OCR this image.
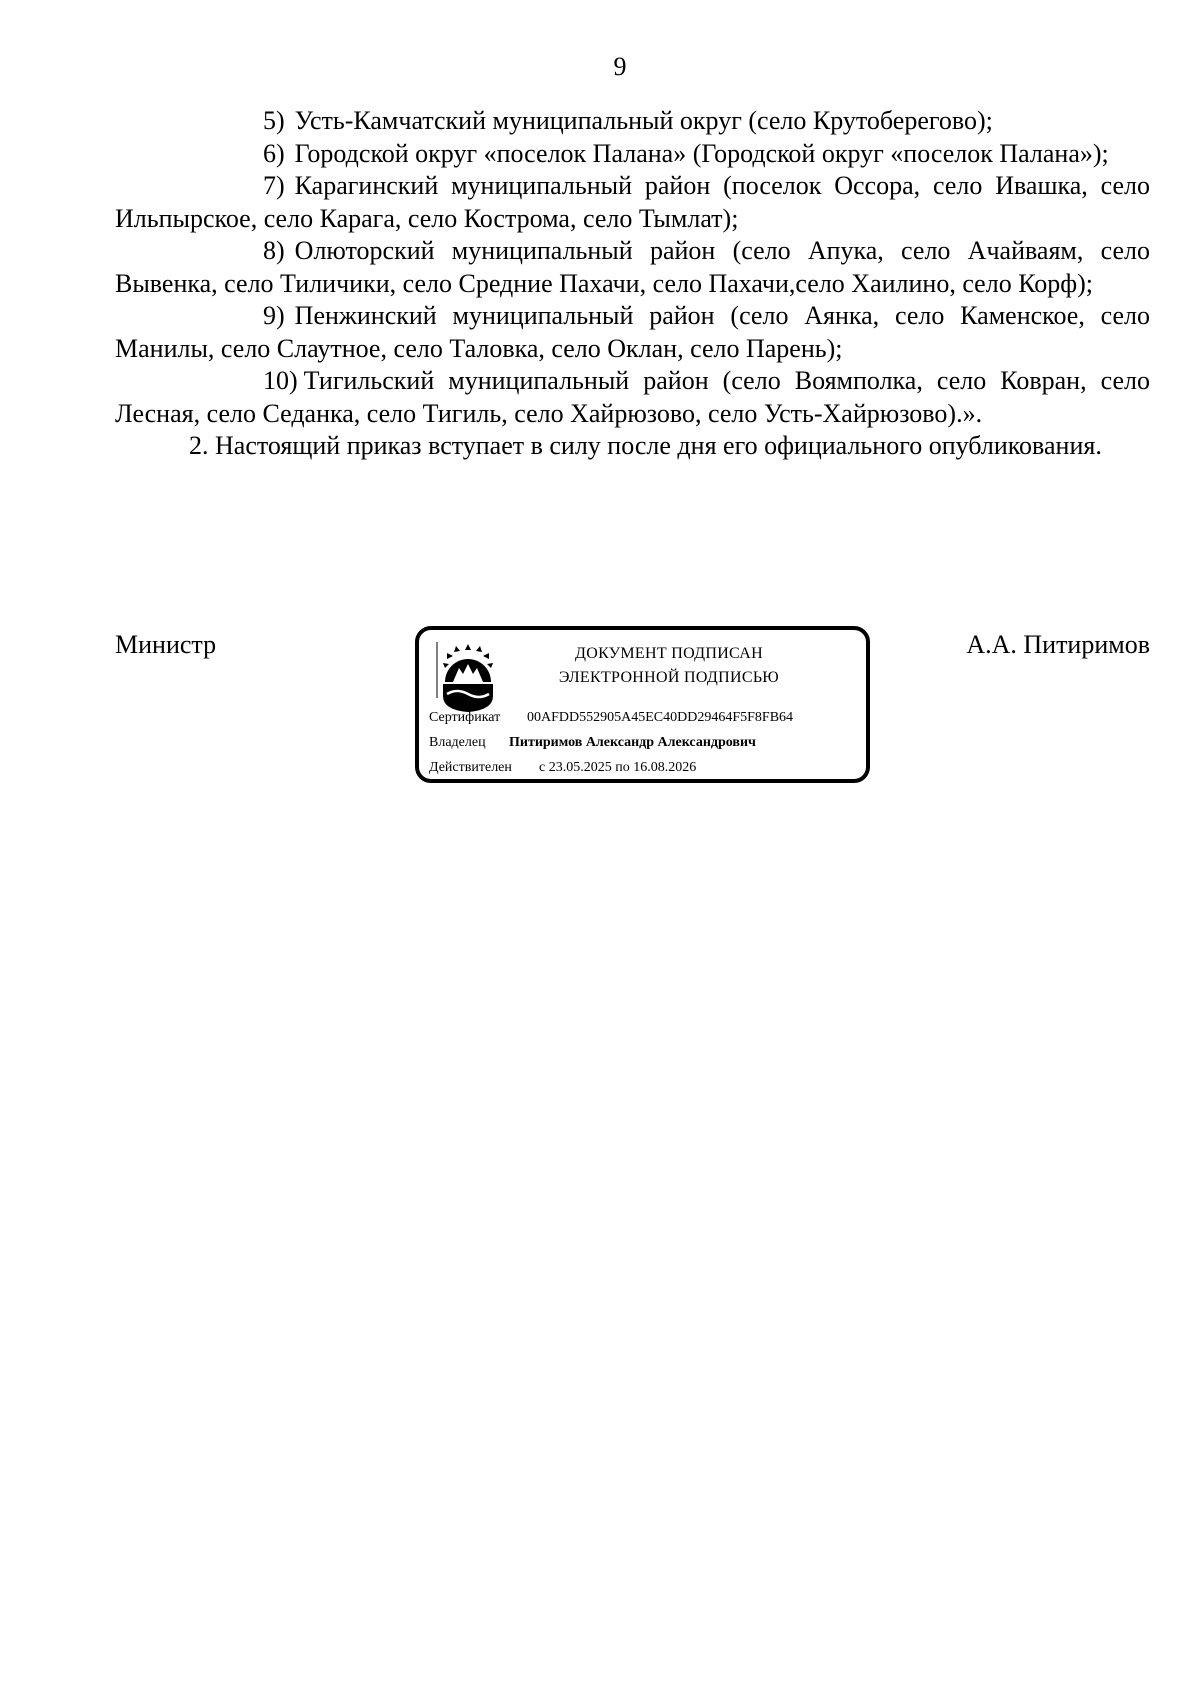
9

5) Усть-Камчатский муниципальный округ (село Крутоберегово);

6) Городской округ «поселок Палана» (Городской округ «поселок Палана»);

7) Карагинский муниципальный район (поселок Оссора, село Ивашка, село Ильпырское, село Карага, село Кострома, село Тымлат);

8) Олюторский муниципальный район (село Апука, село Ачайваям, село Вывенка, село Тиличики, село Средние Пахачи, село Пахачи,село Хаилино, село Корф);

9) Пенжинский муниципальный район (село Аянка, село Каменское, село Манилы, село Слаутное, село Таловка, село Оклан, село Парень);

10) Тигильский муниципальный район (село Воямполка, село Ковран, село Лесная, село Седанка, село Тигиль, село Хайрюзово, село Усть-Хайрюзово).».

2. Настоящий приказ вступает в силу после дня его официального опубликования.

Министр	ДОКУМЕНТ ПОДПИСАН
ЭЛЕКТРОННОЙ ПОДПИСЬЮ
Сертификат 00AFDD552905A45EC40DD29464F5F8FB64
Владелец Питиримов Александр Александрович
Действителен с 23.05.2025 по 16.08.2026
А.А. Питиримов
